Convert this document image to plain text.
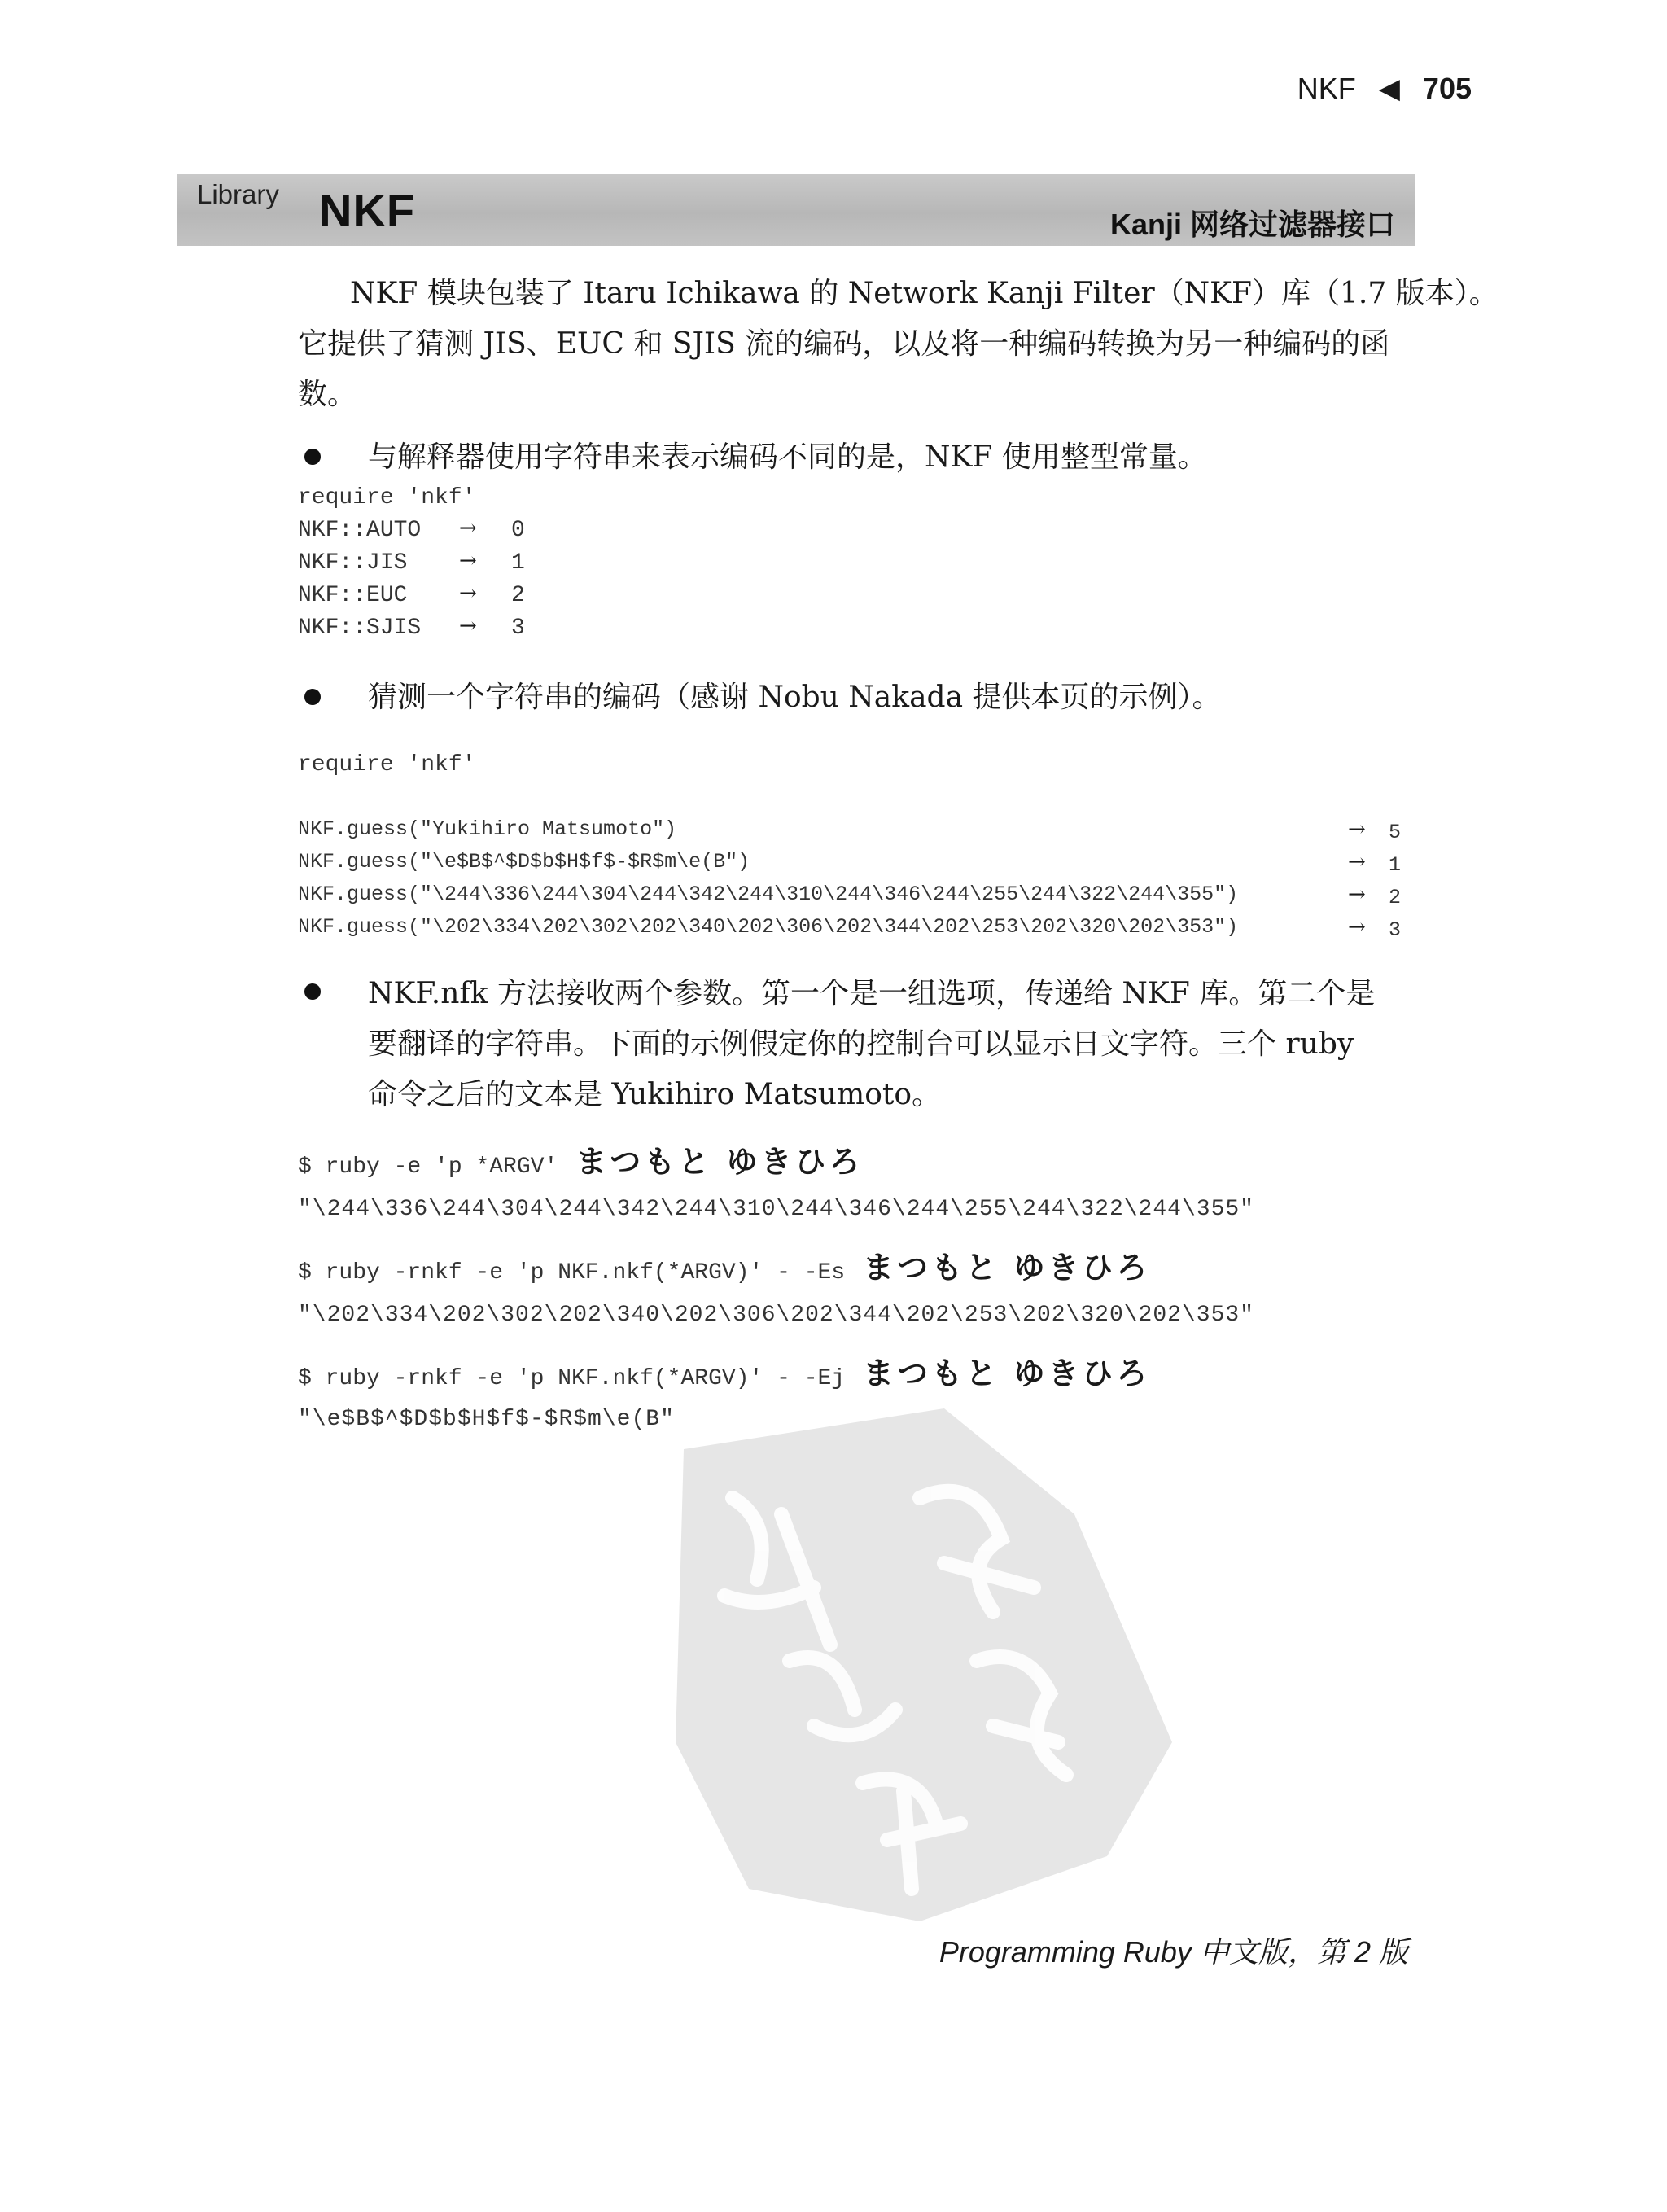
NKF ◀ 705
Library NKF	Kanji 网络过滤器接口
NKF 模块包装了 Itaru Ichikawa 的 Network Kanji Filter（NKF）库（1.7 版本）。
它提供了猜测 JIS、EUC 和 SJIS 流的编码，以及将一种编码转换为另一种编码的函
数。
与解释器使用字符串来表示编码不同的是，NKF 使用整型常量。
require 'nkf'
NKF::AUTO → 0
NKF::JIS → 1
NKF::EUC → 2
NKF::SJIS → 3
猜测一个字符串的编码（感谢 Nobu Nakada 提供本页的示例）。
require 'nkf'
NKF.guess("Yukihiro Matsumoto")	→ 5
NKF.guess("\e$B$^$D$b$H$f$-$R$m\e(B")	→ 1
NKF.guess("\244\336\244\304\244\342\244\310\244\346\244\255\244\322\244\355")	→ 2
NKF.guess("\202\334\202\302\202\340\202\306\202\344\202\253\202\320\202\353")	→ 3
NKF.nfk 方法接收两个参数。第一个是一组选项，传递给 NKF 库。第二个是
要翻译的字符串。下面的示例假定你的控制台可以显示日文字符。三个 ruby
命令之后的文本是 Yukihiro Matsumoto。
$ ruby -e 'p *ARGV' まつもと ゆきひろ
"\244\336\244\304\244\342\244\310\244\346\244\255\244\322\244\355"
$ ruby -rnkf -e 'p NKF.nkf(*ARGV)' - -Es まつもと ゆきひろ
"\202\334\202\302\202\340\202\306\202\344\202\253\202\320\202\353"
$ ruby -rnkf -e 'p NKF.nkf(*ARGV)' - -Ej まつもと ゆきひろ
"\e$B$^$D$b$H$f$-$R$m\e(B"
Programming Ruby 中文版，第 2 版
